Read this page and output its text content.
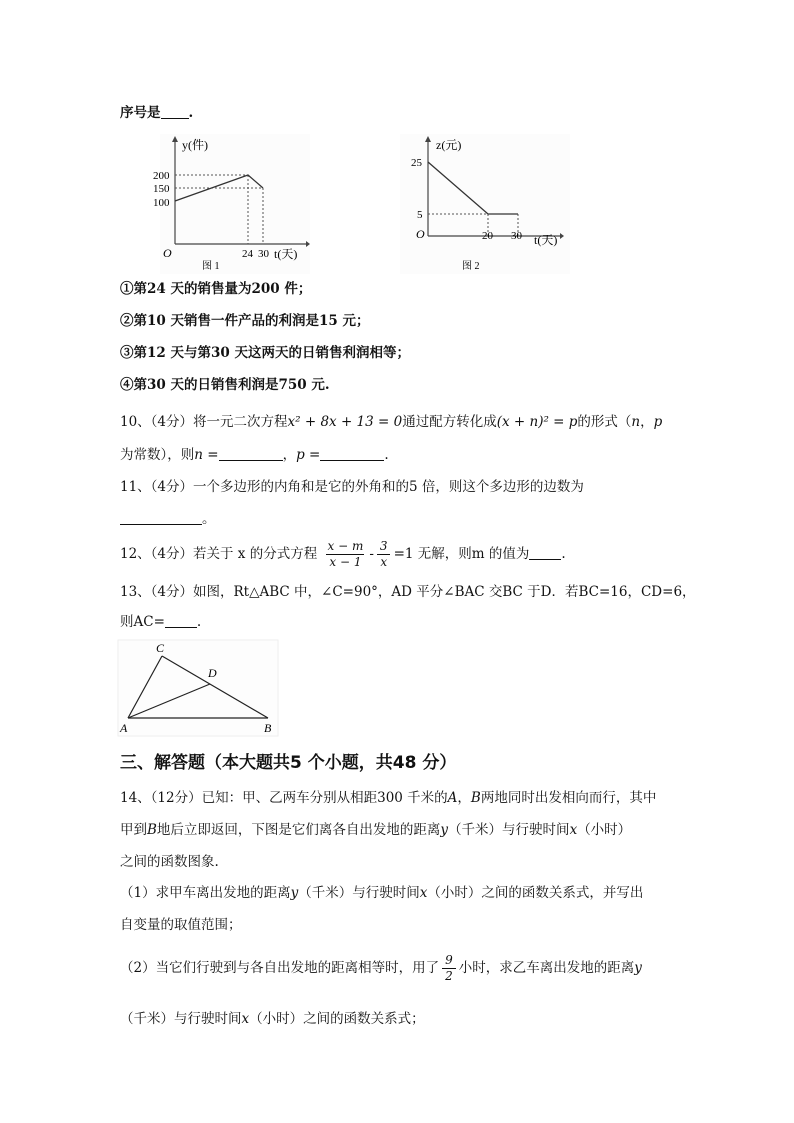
序号是 .
y(件)
200
150
100
O	24 30 t(天)
图 1
z(元)
25
5
O	20 30 t(天)
图 2
①第24 天的销售量为200 件；
②第10 天销售一件产品的利润是15 元；
③第12 天与第30 天这两天的日销售利润相等；
④第30 天的日销售利润是750 元.
10、（4分）将一元二次方程x² + 8x + 13 = 0通过配方转化成(x + n)² = p的形式（n，p
为常数），则n =	，p =	.
11、（4分）一个多边形的内角和是它的外角和的5 倍，则这个多边形的边数为
。
12、（4分）若关于 x 的分式方程 $\frac{x - m}{x - 1} - \frac{3}{x} =1$ 无解，则m 的值为 .
13、（4分）如图，Rt△ABC 中，∠C=90°，AD 平分∠BAC 交BC 于D．若BC=16，CD=6，
则AC= .
C
D
A	B
三、解答题（本大题共5 个小题，共48 分）
14、（12分）已知：甲、乙两车分别从相距300 千米的A，B两地同时出发相向而行，其中
甲到B地后立即返回，下图是它们离各自出发地的距离y（千米）与行驶时间x（小时）
之间的函数图象.
（1）求甲车离出发地的距离y（千米）与行驶时间x（小时）之间的函数关系式，并写出
自变量的取值范围；
（2）当它们行驶到与各自出发地的距离相等时，用了 $\frac{9}{2}$ 小时，求乙车离出发地的距离y
（千米）与行驶时间x（小时）之间的函数关系式；
